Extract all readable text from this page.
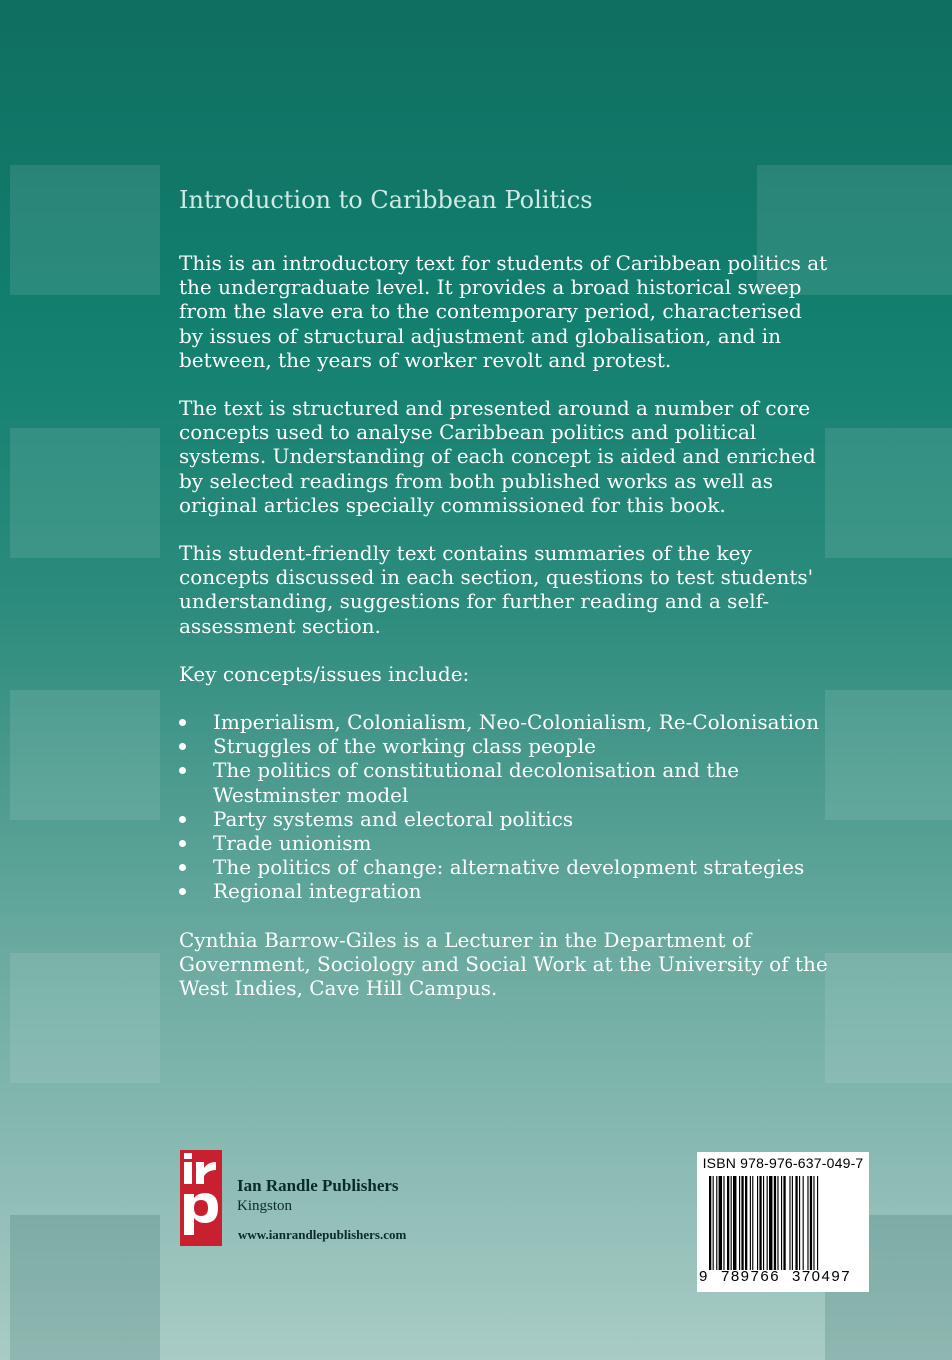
Introduction to Caribbean Politics

This is an introductory text for students of Caribbean politics at the undergraduate level. It provides a broad historical sweep from the slave era to the contemporary period, characterised by issues of structural adjustment and globalisation, and in between, the years of worker revolt and protest.

The text is structured and presented around a number of core concepts used to analyse Caribbean politics and political systems. Understanding of each concept is aided and enriched by selected readings from both published works as well as original articles specially commissioned for this book.

This student-friendly text contains summaries of the key concepts discussed in each section, questions to test students' understanding, suggestions for further reading and a self-assessment section.

Key concepts/issues include:

Imperialism, Colonialism, Neo-Colonialism, Re-Colonisation
Struggles of the working class people
The politics of constitutional decolonisation and the Westminster model
Party systems and electoral politics
Trade unionism
The politics of change: alternative development strategies
Regional integration

Cynthia Barrow-Giles is a Lecturer in the Department of Government, Sociology and Social Work at the University of the West Indies, Cave Hill Campus.

Ian Randle Publishers
Kingston
www.ianrandlepublishers.com
ISBN 978-976-637-049-7
9 789766 370497
